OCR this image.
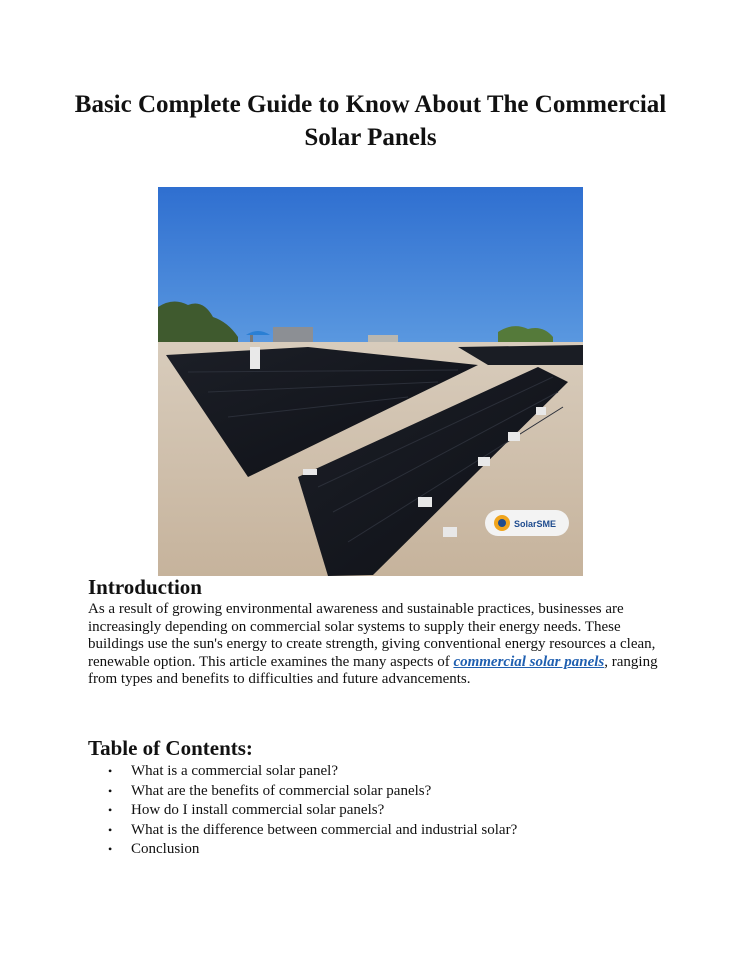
Basic Complete Guide to Know About The Commercial Solar Panels
SolarSME
Introduction

As a result of growing environmental awareness and sustainable practices, businesses are increasingly depending on commercial solar systems to supply their energy needs. These buildings use the sun's energy to create strength, giving conventional energy resources a clean, renewable option. This article examines the many aspects of commercial solar panels, ranging from types and benefits to difficulties and future advancements.

Table of Contents:
• What is a commercial solar panel?
• What are the benefits of commercial solar panels?
• How do I install commercial solar panels?
• What is the difference between commercial and industrial solar?
• Conclusion
